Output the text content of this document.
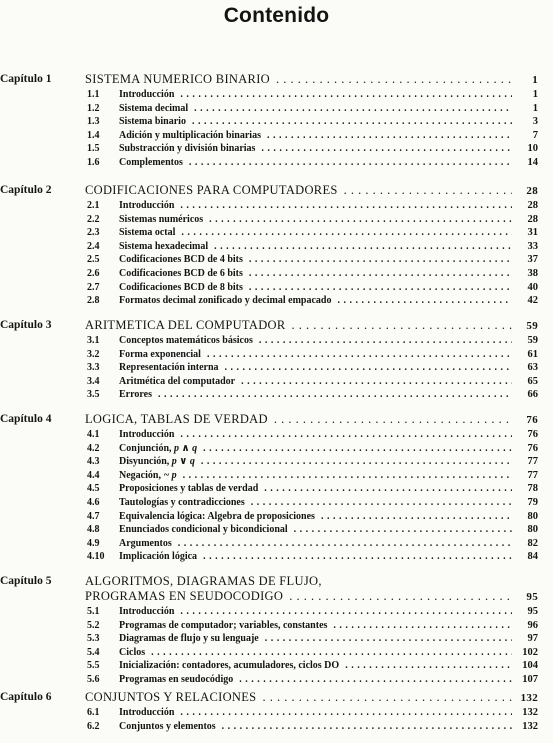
Contenido
Capítulo 1	SISTEMA NUMERICO BINARIO . . .	1
1.1	Introducción . . .	1
1.2	Sistema decimal . . .	1
1.3	Sistema binario . . .	3
1.4	Adición y multiplicación binarias . . .	7
1.5	Substracción y división binarias . . .	10
1.6	Complementos . . .	14
Capítulo 2	CODIFICACIONES PARA COMPUTADORES . . .	28
2.1	Introducción . . .	28
2.2	Sistemas numéricos . . .	28
2.3	Sistema octal . . .	31
2.4	Sistema hexadecimal . . .	33
2.5	Codificaciones BCD de 4 bits . . .	37
2.6	Codificaciones BCD de 6 bits . . .	38
2.7	Codificaciones BCD de 8 bits . . .	40
2.8	Formatos decimal zonificado y decimal empacado . . .	42
Capítulo 3	ARITMETICA DEL COMPUTADOR . . .	59
3.1	Conceptos matemáticos básicos . . .	59
3.2	Forma exponencial . . .	61
3.3	Representación interna . . .	63
3.4	Aritmética del computador . . .	65
3.5	Errores . . .	66
Capítulo 4	LOGICA, TABLAS DE VERDAD . . .	76
4.1	Introducción . . .	76
4.2	Conjunción, p ∧ q . . .	76
4.3	Disyunción, p ∨ q . . .	77
4.4	Negación, ~ p . . .	77
4.5	Proposiciones y tablas de verdad . . .	78
4.6	Tautologías y contradicciones . . .	79
4.7	Equivalencia lógica: Algebra de proposiciones . . .	80
4.8	Enunciados condicional y bicondicional . . .	80
4.9	Argumentos . . .	82
4.10	Implicación lógica . . .	84
Capítulo 5	ALGORITMOS, DIAGRAMAS DE FLUJO,
PROGRAMAS EN SEUDOCODIGO . . .	95
5.1	Introducción . . .	95
5.2	Programas de computador; variables, constantes . . .	96
5.3	Diagramas de flujo y su lenguaje . . .	97
5.4	Ciclos . . .	102
5.5	Inicialización: contadores, acumuladores, ciclos DO . . .	104
5.6	Programas en seudocódigo . . .	107
Capítulo 6	CONJUNTOS Y RELACIONES . . .	132
6.1	Introducción . . .	132
6.2	Conjuntos y elementos . . .	132
